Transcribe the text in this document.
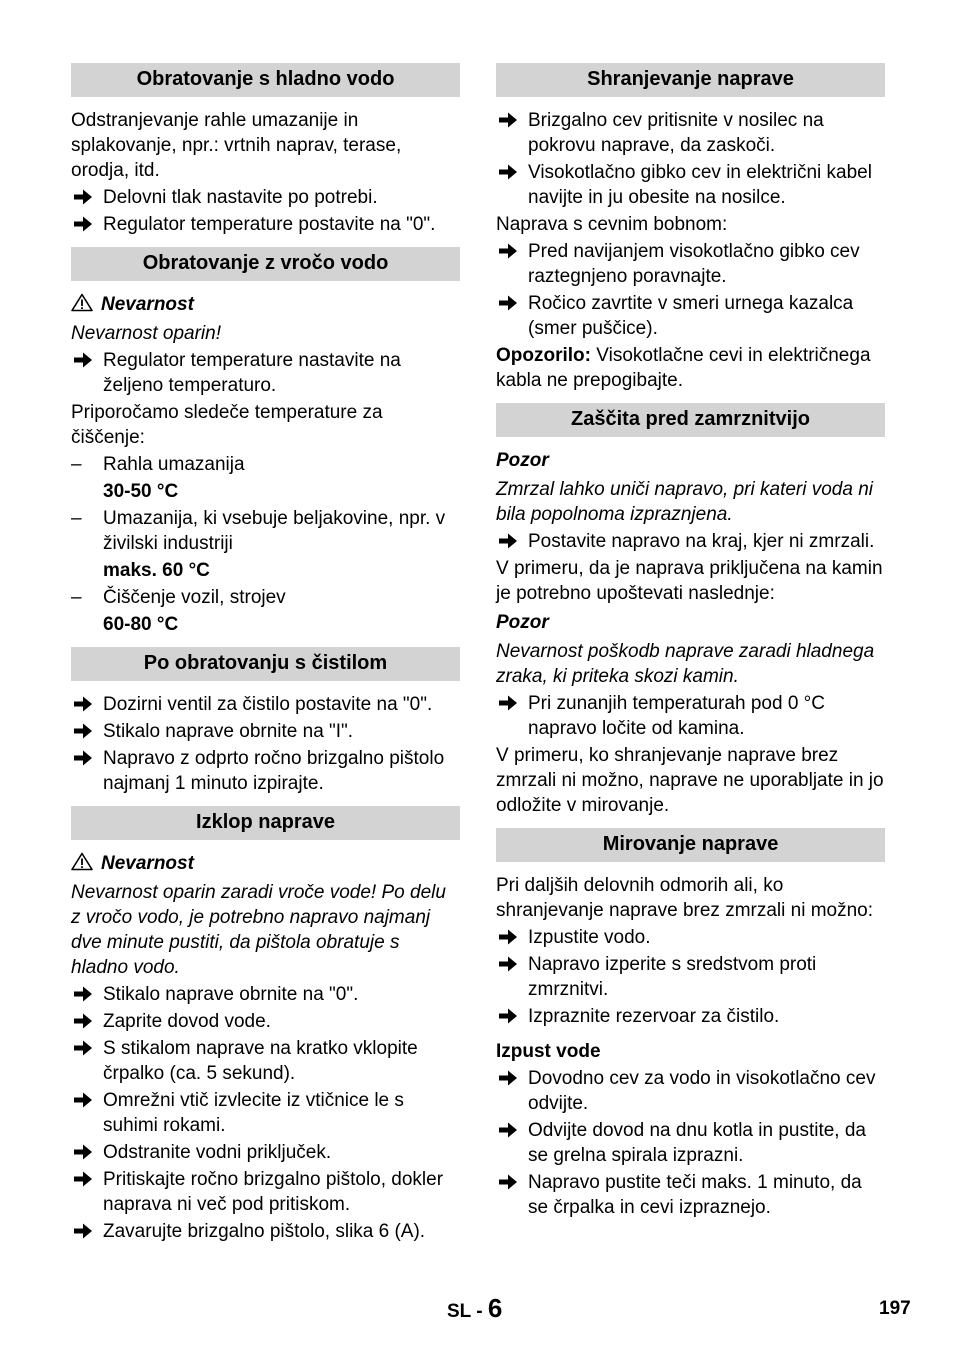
Obratovanje s hladno vodo
Odstranjevanje rahle umazanije in splakovanje, npr.: vrtnih naprav, terase, orodja, itd.
Delovni tlak nastavite po potrebi.
Regulator temperature postavite na "0".
Obratovanje z vročo vodo
Nevarnost
Nevarnost oparin!
Regulator temperature nastavite na željeno temperaturo.
Priporočamo sledeče temperature za čiščenje:
– Rahla umazanija
30-50 °C
– Umazanija, ki vsebuje beljakovine, npr. v živilski industriji
maks. 60 °C
– Čiščenje vozil, strojev
60-80 °C
Po obratovanju s čistilom
Dozirni ventil za čistilo postavite na "0".
Stikalo naprave obrnite na "I".
Napravo z odprto ročno brizgalno pištolo najmanj 1 minuto izpirajte.
Izklop naprave
Nevarnost
Nevarnost oparin zaradi vroče vode! Po delu z vročo vodo, je potrebno napravo najmanj dve minute pustiti, da pištola obratuje s hladno vodo.
Stikalo naprave obrnite na "0".
Zaprite dovod vode.
S stikalom naprave na kratko vklopite črpalko (ca. 5 sekund).
Omrežni vtič izvlecite iz vtičnice le s suhimi rokami.
Odstranite vodni priključek.
Pritiskajte ročno brizgalno pištolo, dokler naprava ni več pod pritiskom.
Zavarujte brizgalno pištolo, slika 6 (A).
Shranjevanje naprave
Brizgalno cev pritisnite v nosilec na pokrovu naprave, da zaskoči.
Visokotlačno gibko cev in električni kabel navijte in ju obesite na nosilce.
Naprava s cevnim bobnom:
Pred navijanjem visokotlačno gibko cev raztegnjeno poravnajte.
Ročico zavrtite v smeri urnega kazalca (smer puščice).
Opozorilo: Visokotlačne cevi in električnega kabla ne prepogibajte.
Zaščita pred zamrznitvijo
Pozor
Zmrzal lahko uniči napravo, pri kateri voda ni bila popolnoma izpraznjena.
Postavite napravo na kraj, kjer ni zmrzali.
V primeru, da je naprava priključena na kamin je potrebno upoštevati naslednje:
Pozor
Nevarnost poškodb naprave zaradi hladnega zraka, ki priteka skozi kamin.
Pri zunanjih temperaturah pod 0 °C napravo ločite od kamina.
V primeru, ko shranjevanje naprave brez zmrzali ni možno, naprave ne uporabljate in jo odložite v mirovanje.
Mirovanje naprave
Pri daljših delovnih odmorih ali, ko shranjevanje naprave brez zmrzali ni možno:
Izpustite vodo.
Napravo izperite s sredstvom proti zmrznitvi.
Izpraznite rezervoar za čistilo.
Izpust vode
Dovodno cev za vodo in visokotlačno cev odvijte.
Odvijte dovod na dnu kotla in pustite, da se grelna spirala izprazni.
Napravo pustite teči maks. 1 minuto, da se črpalka in cevi izpraznejo.
SL - 6	197
